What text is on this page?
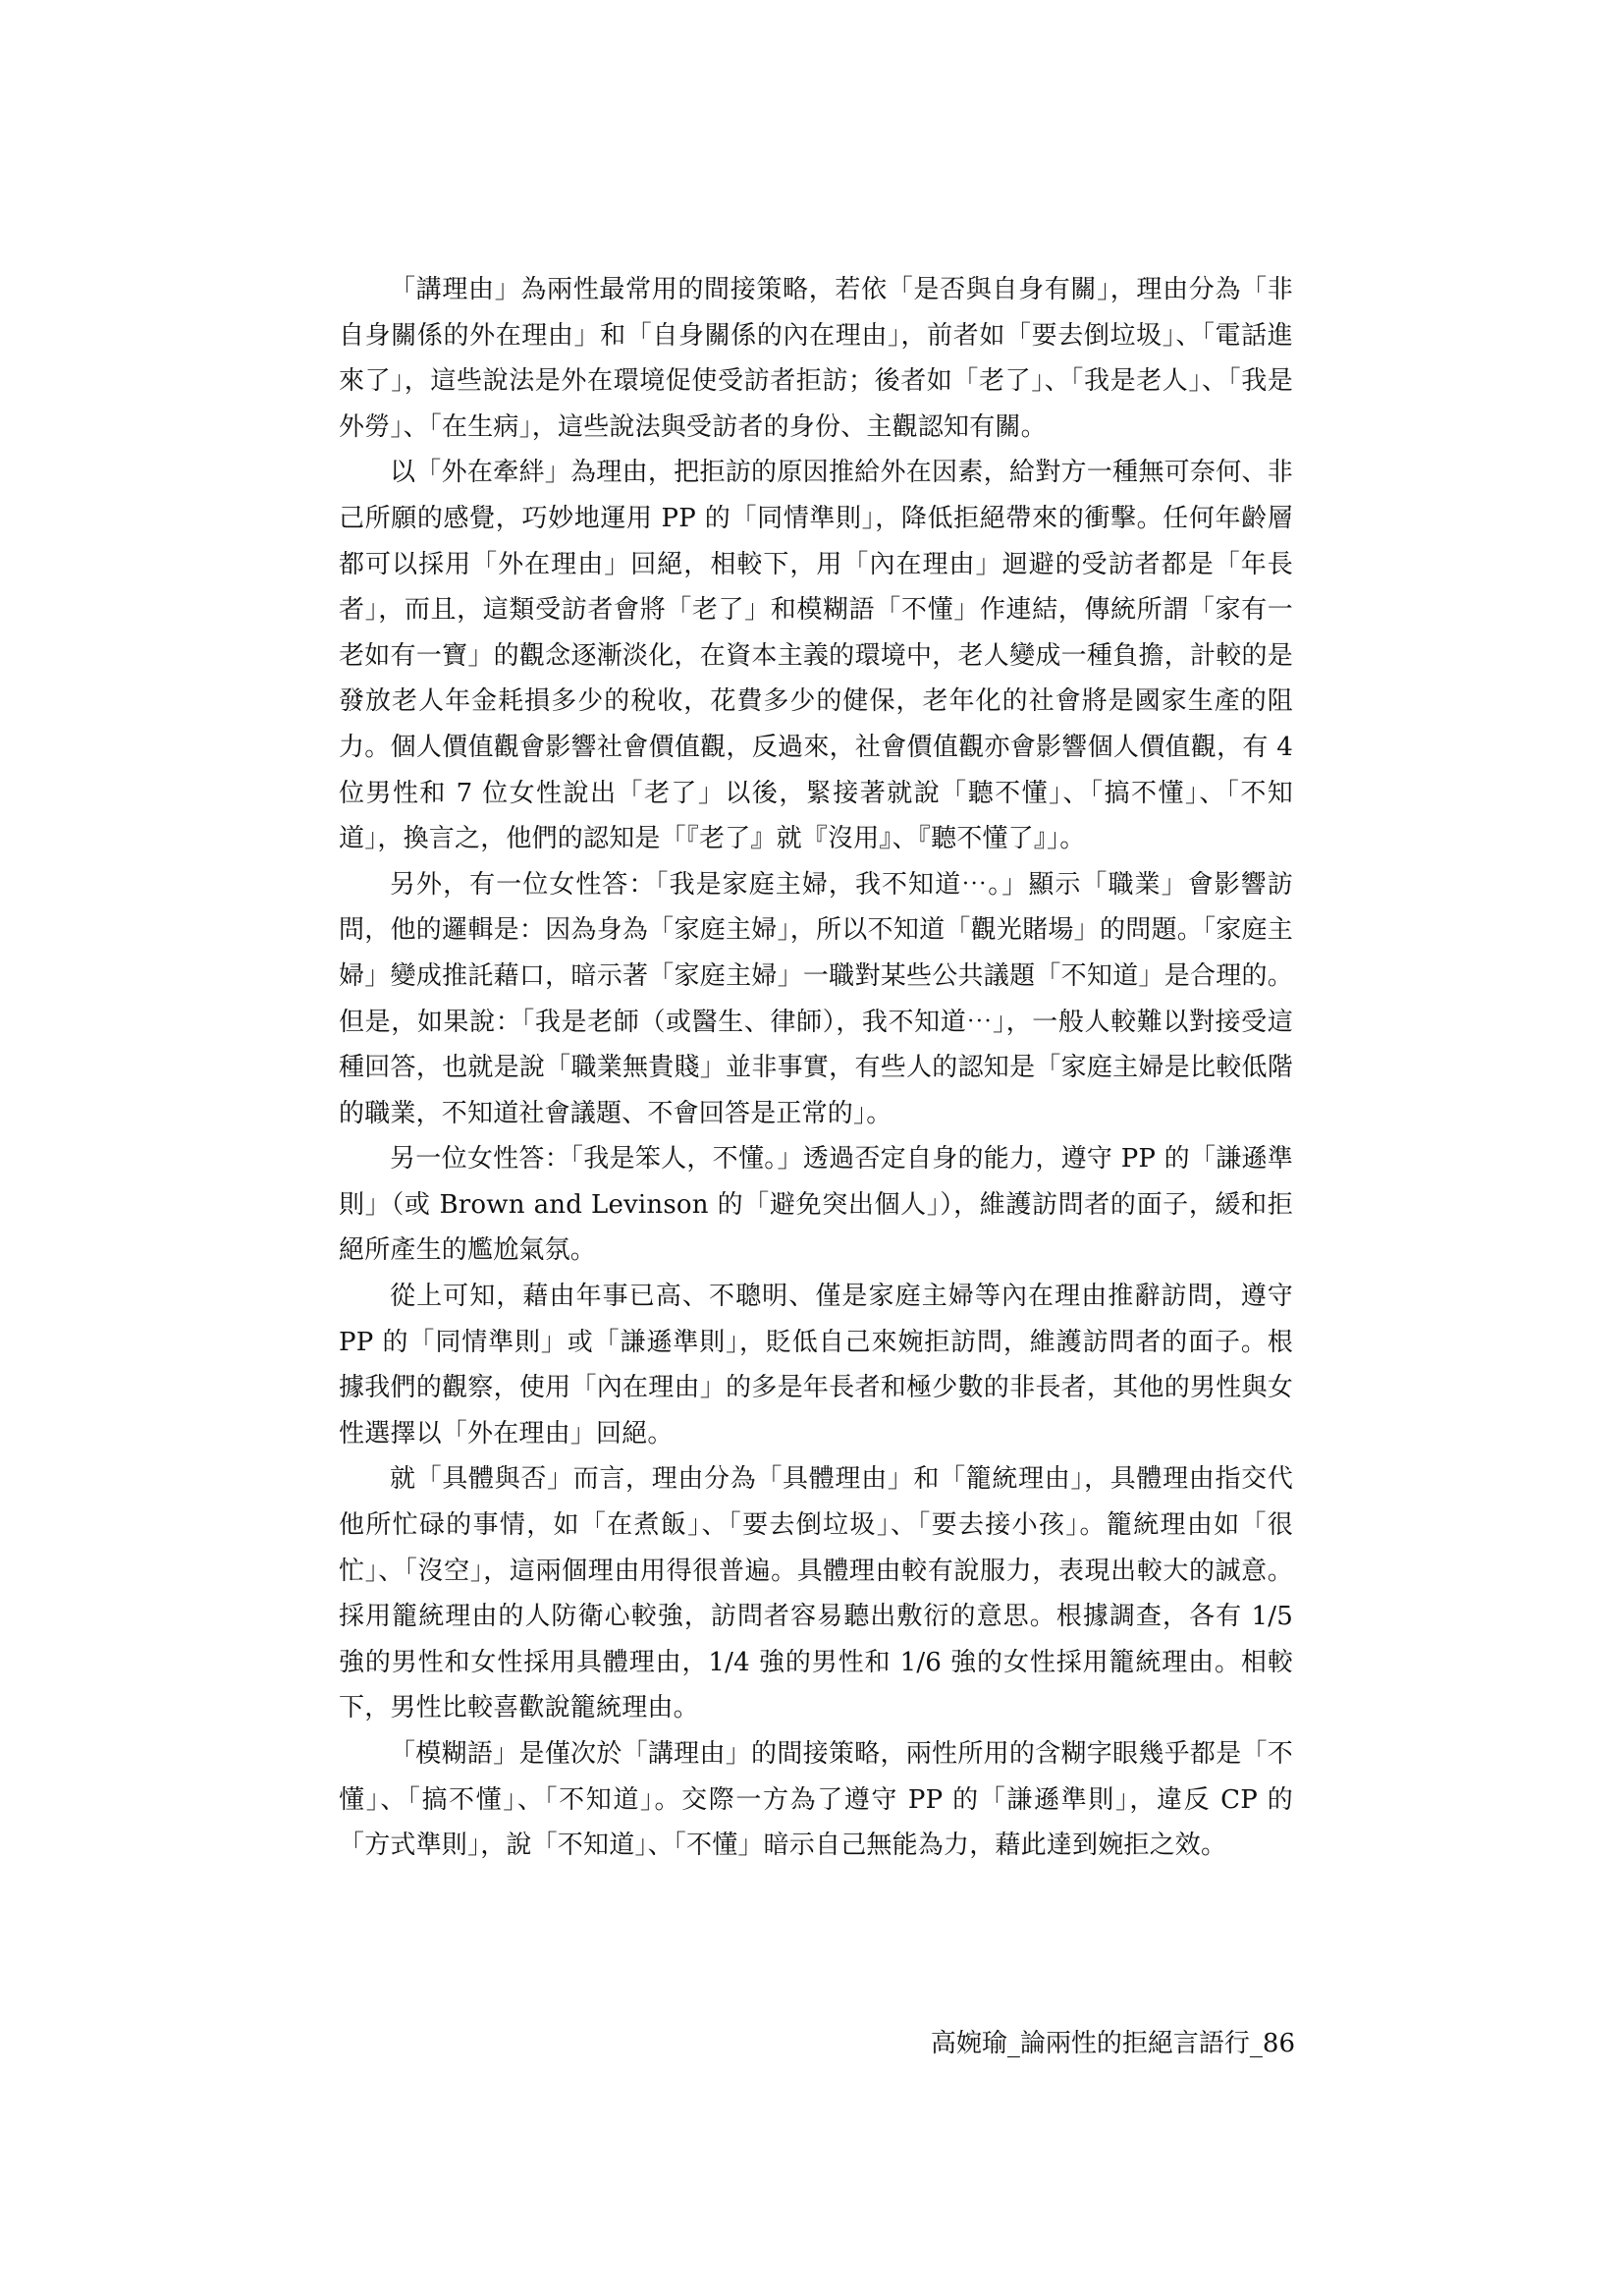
「講理由」為兩性最常用的間接策略，若依「是否與自身有關」，理由分為「非自身關係的外在理由」和「自身關係的內在理由」，前者如「要去倒垃圾」、「電話進來了」，這些說法是外在環境促使受訪者拒訪；後者如「老了」、「我是老人」、「我是外勞」、「在生病」，這些說法與受訪者的身份、主觀認知有關。

以「外在牽絆」為理由，把拒訪的原因推給外在因素，給對方一種無可奈何、非己所願的感覺，巧妙地運用 PP 的「同情準則」，降低拒絕帶來的衝擊。任何年齡層都可以採用「外在理由」回絕，相較下，用「內在理由」迴避的受訪者都是「年長者」，而且，這類受訪者會將「老了」和模糊語「不懂」作連結，傳統所謂「家有一老如有一寶」的觀念逐漸淡化，在資本主義的環境中，老人變成一種負擔，計較的是發放老人年金耗損多少的稅收，花費多少的健保，老年化的社會將是國家生產的阻力。個人價值觀會影響社會價值觀，反過來，社會價值觀亦會影響個人價值觀，有 4 位男性和 7 位女性說出「老了」以後，緊接著就說「聽不懂」、「搞不懂」、「不知道」，換言之，他們的認知是「『老了』就『沒用』、『聽不懂了』」。

另外，有一位女性答：「我是家庭主婦，我不知道⋯。」顯示「職業」會影響訪問，他的邏輯是：因為身為「家庭主婦」，所以不知道「觀光賭場」的問題。「家庭主婦」變成推託藉口，暗示著「家庭主婦」一職對某些公共議題「不知道」是合理的。但是，如果說：「我是老師（或醫生、律師），我不知道⋯」，一般人較難以對接受這種回答，也就是說「職業無貴賤」並非事實，有些人的認知是「家庭主婦是比較低階的職業，不知道社會議題、不會回答是正常的」。

另一位女性答：「我是笨人，不懂。」透過否定自身的能力，遵守 PP 的「謙遜準則」（或 Brown and Levinson 的「避免突出個人」），維護訪問者的面子，緩和拒絕所產生的尷尬氣氛。

從上可知，藉由年事已高、不聰明、僅是家庭主婦等內在理由推辭訪問，遵守 PP 的「同情準則」或「謙遜準則」，貶低自己來婉拒訪問，維護訪問者的面子。根據我們的觀察，使用「內在理由」的多是年長者和極少數的非長者，其他的男性與女性選擇以「外在理由」回絕。

就「具體與否」而言，理由分為「具體理由」和「籠統理由」，具體理由指交代他所忙碌的事情，如「在煮飯」、「要去倒垃圾」、「要去接小孩」。籠統理由如「很忙」、「沒空」，這兩個理由用得很普遍。具體理由較有說服力，表現出較大的誠意。採用籠統理由的人防衛心較強，訪問者容易聽出敷衍的意思。根據調查，各有 1/5 強的男性和女性採用具體理由，1/4 強的男性和 1/6 強的女性採用籠統理由。相較下，男性比較喜歡說籠統理由。

「模糊語」是僅次於「講理由」的間接策略，兩性所用的含糊字眼幾乎都是「不懂」、「搞不懂」、「不知道」。交際一方為了遵守 PP 的「謙遜準則」，違反 CP 的「方式準則」，說「不知道」、「不懂」暗示自己無能為力，藉此達到婉拒之效。

高婉瑜_論兩性的拒絕言語行_86
